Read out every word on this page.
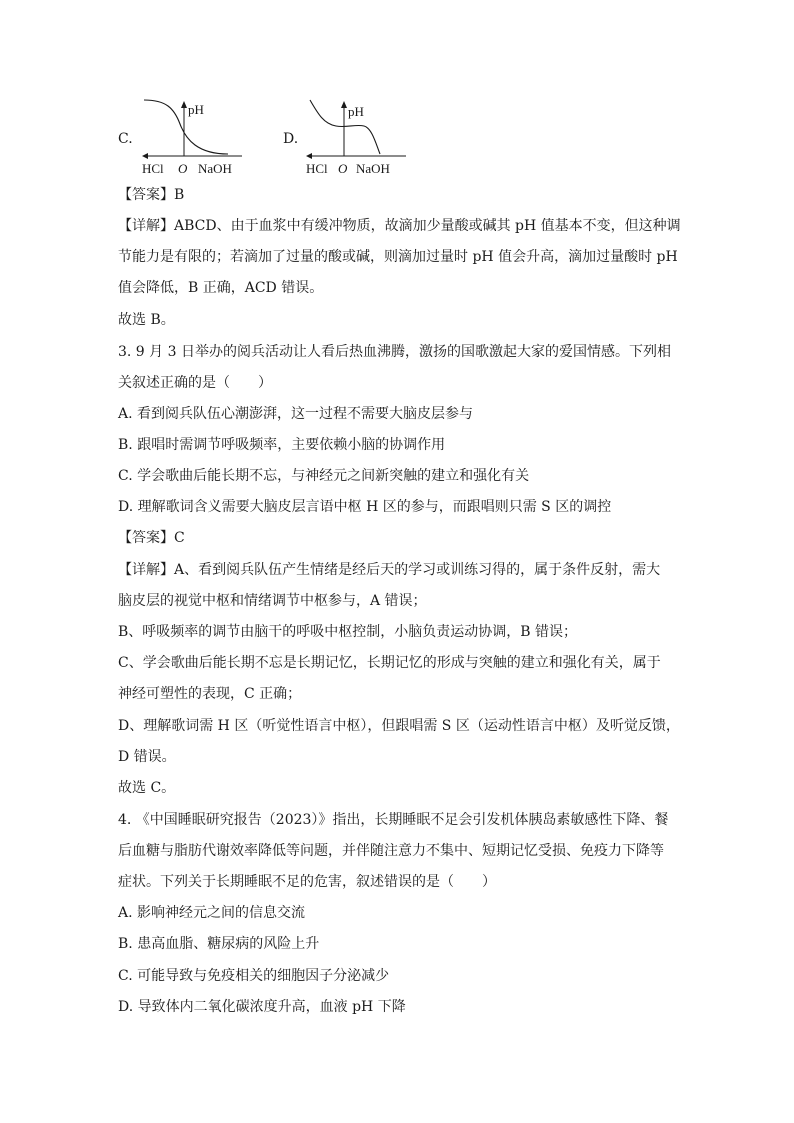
C.
pH
HCl O NaOH
D.
pH
HCl O NaOH
【答案】B
【详解】ABCD、由于血浆中有缓冲物质，故滴加少量酸或碱其 pH 值基本不变，但这种调
节能力是有限的；若滴加了过量的酸或碱，则滴加过量时 pH 值会升高，滴加过量酸时 pH
值会降低，B 正确，ACD 错误。
故选 B。
3. 9 月 3 日举办的阅兵活动让人看后热血沸腾，激扬的国歌激起大家的爱国情感。下列相
关叙述正确的是（　　）
A. 看到阅兵队伍心潮澎湃，这一过程不需要大脑皮层参与
B. 跟唱时需调节呼吸频率，主要依赖小脑的协调作用
C. 学会歌曲后能长期不忘，与神经元之间新突触的建立和强化有关
D. 理解歌词含义需要大脑皮层言语中枢 H 区的参与，而跟唱则只需 S 区的调控
【答案】C
【详解】A、看到阅兵队伍产生情绪是经后天的学习或训练习得的，属于条件反射，需大
脑皮层的视觉中枢和情绪调节中枢参与，A 错误；
B、呼吸频率的调节由脑干的呼吸中枢控制，小脑负责运动协调，B 错误；
C、学会歌曲后能长期不忘是长期记忆，长期记忆的形成与突触的建立和强化有关，属于
神经可塑性的表现，C 正确；
D、理解歌词需 H 区（听觉性语言中枢），但跟唱需 S 区（运动性语言中枢）及听觉反馈，
D 错误。
故选 C。
4. 《中国睡眠研究报告（2023）》指出，长期睡眠不足会引发机体胰岛素敏感性下降、餐
后血糖与脂肪代谢效率降低等问题，并伴随注意力不集中、短期记忆受损、免疫力下降等
症状。下列关于长期睡眠不足的危害，叙述错误的是（　　）
A. 影响神经元之间的信息交流
B. 患高血脂、糖尿病的风险上升
C. 可能导致与免疫相关的细胞因子分泌减少
D. 导致体内二氧化碳浓度升高，血液 pH 下降
